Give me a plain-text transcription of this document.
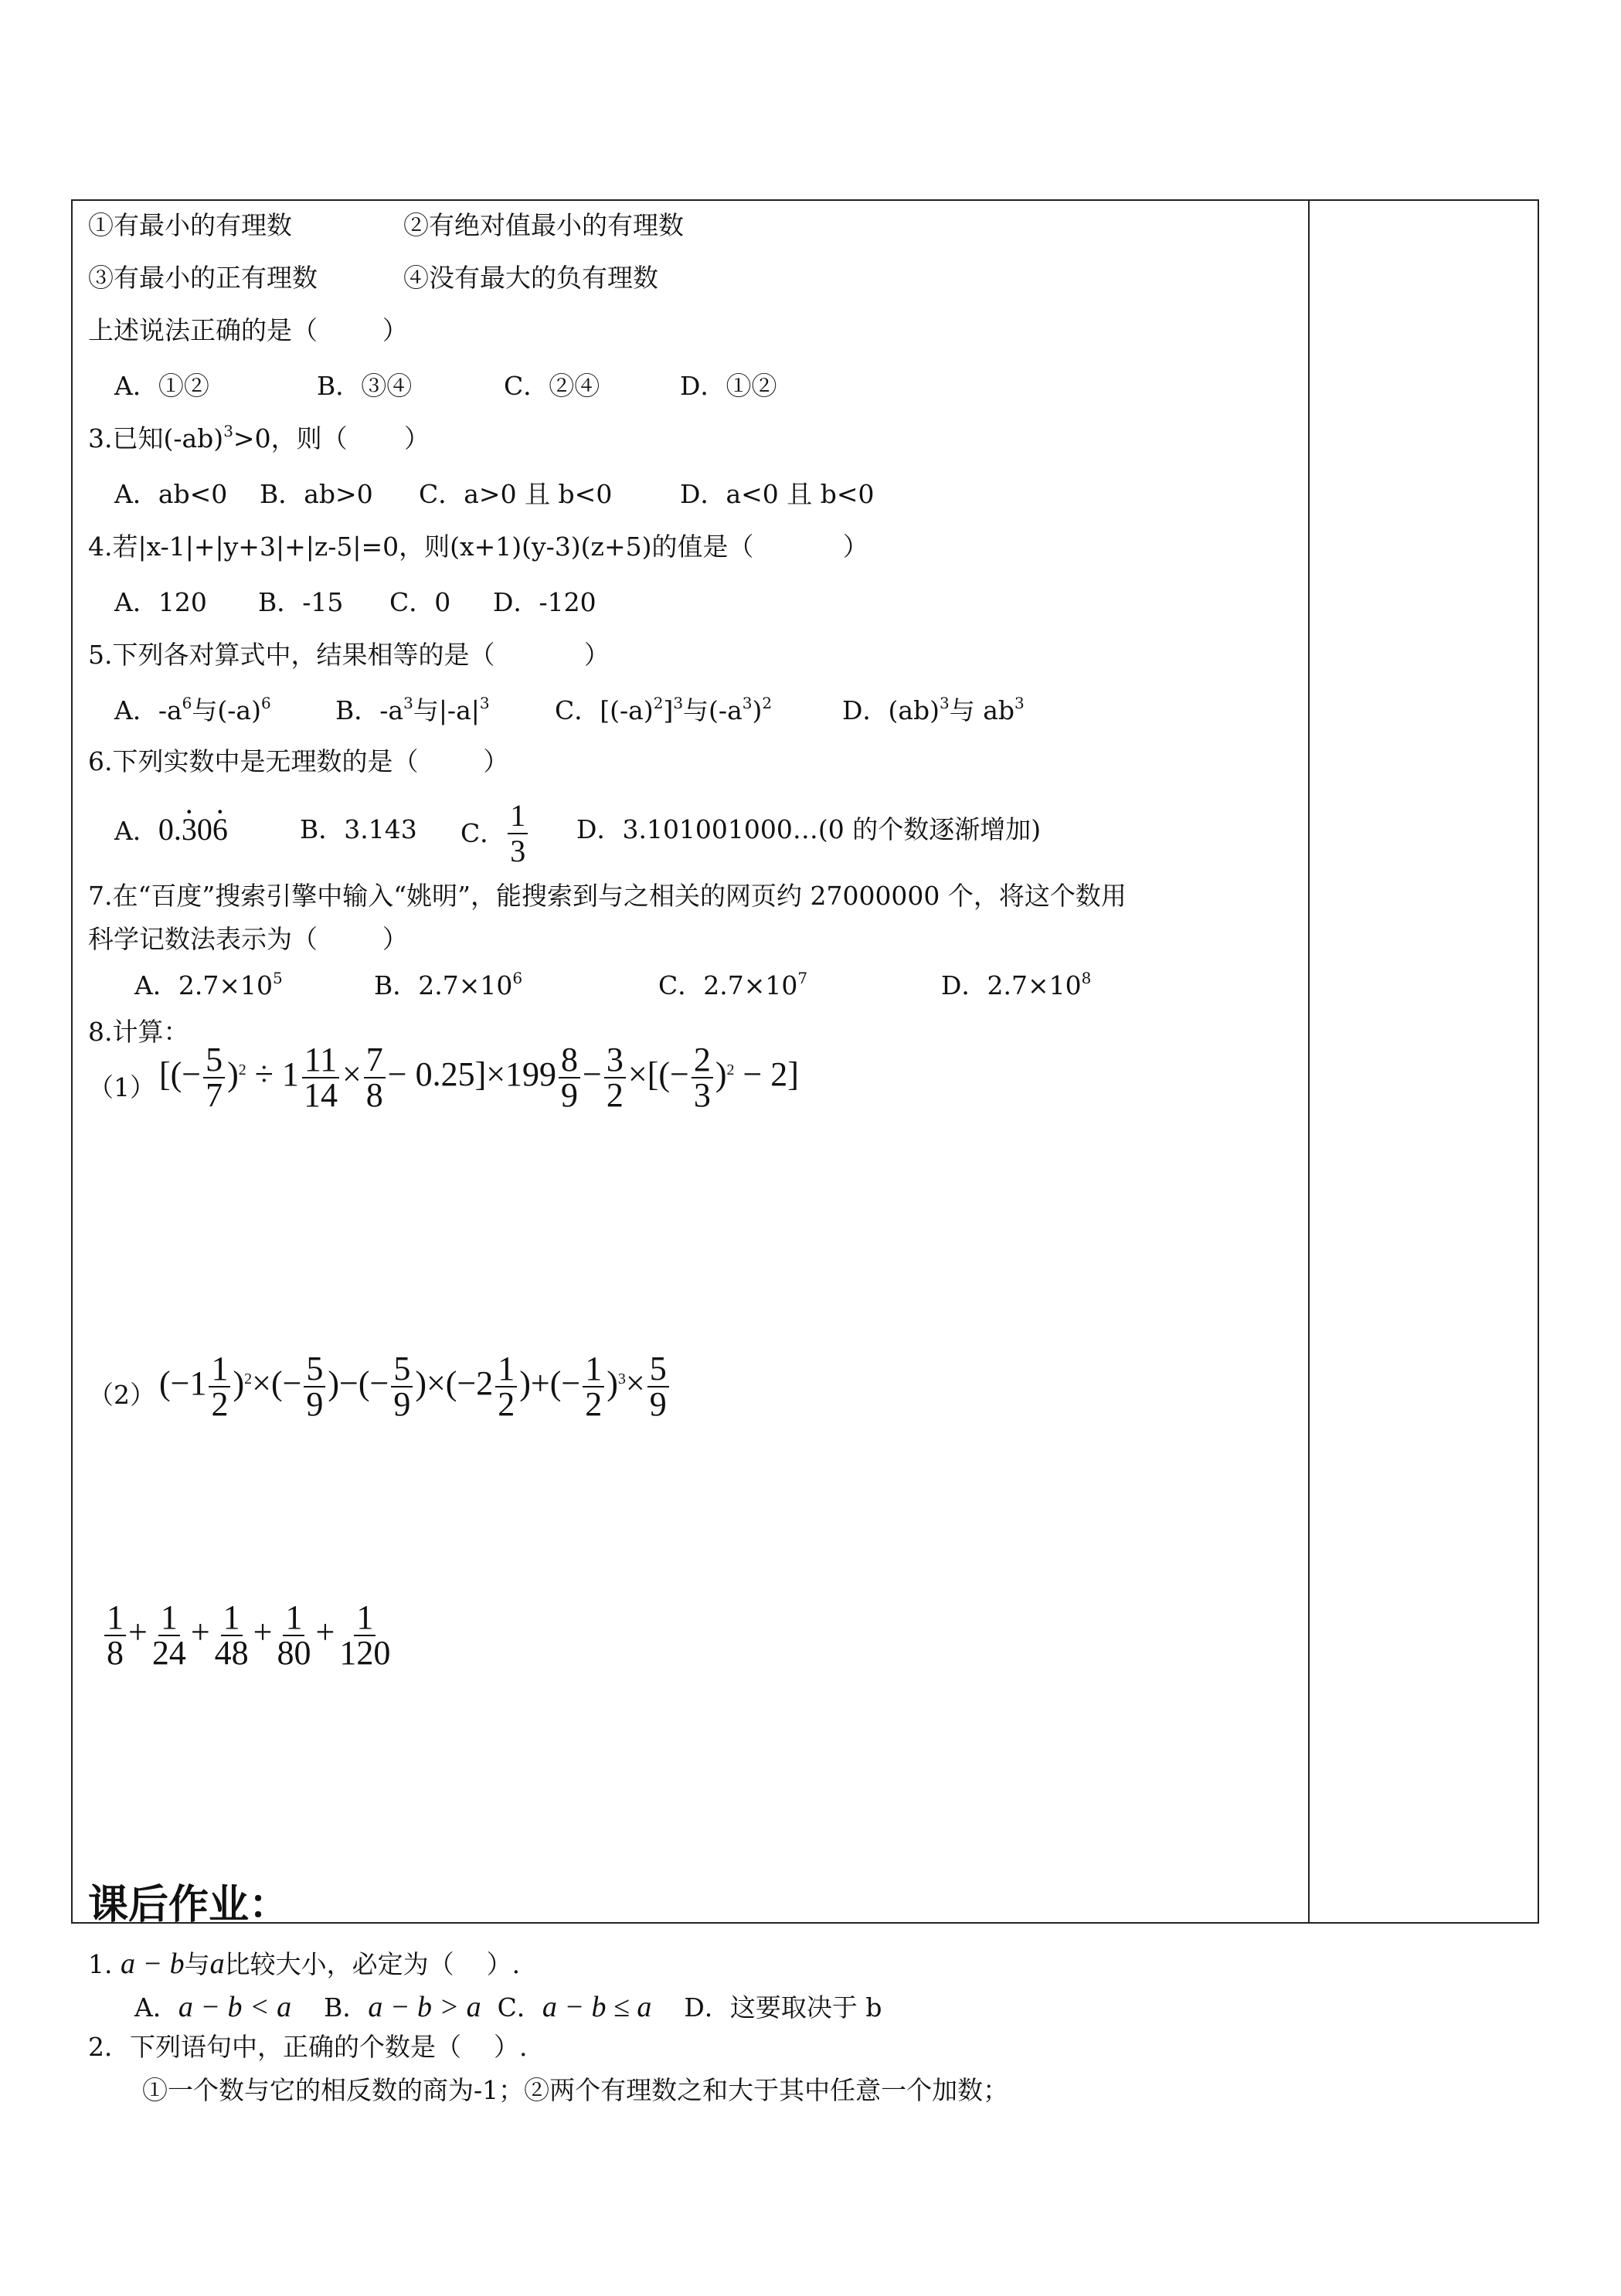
①有最小的有理数	②有绝对值最小的有理数
③有最小的正有理数	④没有最大的负有理数
上述说法正确的是（        ）
A．①②	B．③④	C．②④	D．①②
3.已知$(-ab)^3>0$，则（       ）
A．ab<0 B．ab>0 C．a>0 且 b<0	D．a<0 且 b<0
4.若|x-1|+|y+3|+|z-5|=0，则(x+1)(y-3)(z+5)的值是（           ）
A．120 B．-15 C．0 D．-120
5.下列各对算式中，结果相等的是（           ）
A．$-a^6$与$(-a)^6$	B．$-a^3$与$|-a|^3$	C．$[(-a)^2]^3$与$(-a^3)^2$	D．(ab)$^3$与 $ab^3$
6.下列实数中是无理数的是（        ）
A．0.3 ·06 ·	B．3.143 C． $\frac{1}{3}$ D．3.101001000…(0 的个数逐渐增加)
7.在“百度”搜索引擎中输入“姚明”，能搜索到与之相关的网页约 27000000 个，将这个数用
科学记数法表示为（        ）
A．$2.7\times 10^5$	B．$2.7\times 10^6$	C．$2.7\times 10^7$	D．$2.7\times 10^8$
8.计算：
（1） [(− $\frac{5}{7} )^2 \div 1 \frac{11}{14} \times \frac{7}{8} - 0.25]\times 199 \frac{8}{9} - \frac{3}{2}$ ×[(− $\frac{2}{3} )^2 - 2$]
（2） $(-1 \frac{1}{2} )^2\times(- \frac{5}{9}$ )−(− $\frac{5}{9} )\times(-2 \frac{1}{2}$ )+(− $\frac{1}{2} )^3\times \frac{5}{9}$
$\frac{1}{8} + \frac{1}{24} + \frac{1}{48} + \frac{1}{80} + \frac{1}{120}$
课后作业：
1. a − b与a比较大小，必定为（    ）.
A．a − b < a B．a − b > a C．a − b ≤ a D．这要取决于 b
2．下列语句中，正确的个数是（    ）.
①一个数与它的相反数的商为-1；②两个有理数之和大于其中任意一个加数；
